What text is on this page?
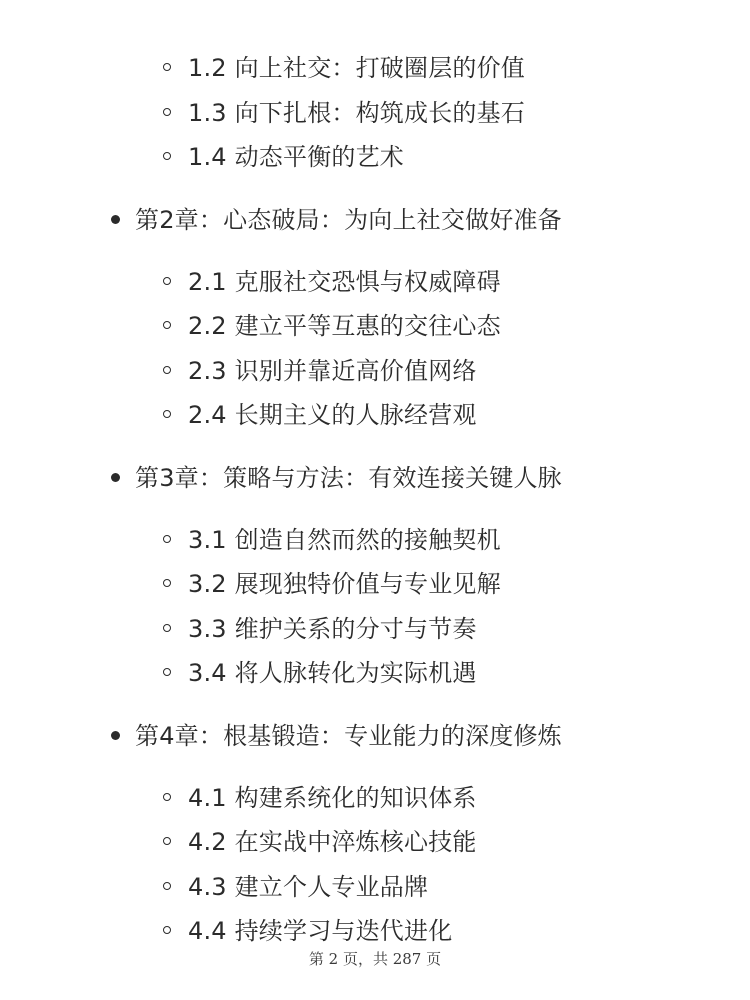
1.2 向上社交：打破圈层的价值
1.3 向下扎根：构筑成长的基石
1.4 动态平衡的艺术
第2章：心态破局：为向上社交做好准备
2.1 克服社交恐惧与权威障碍
2.2 建立平等互惠的交往心态
2.3 识别并靠近高价值网络
2.4 长期主义的人脉经营观
第3章：策略与方法：有效连接关键人脉
3.1 创造自然而然的接触契机
3.2 展现独特价值与专业见解
3.3 维护关系的分寸与节奏
3.4 将人脉转化为实际机遇
第4章：根基锻造：专业能力的深度修炼
4.1 构建系统化的知识体系
4.2 在实战中淬炼核心技能
4.3 建立个人专业品牌
4.4 持续学习与迭代进化
第 2 页，共 287 页
